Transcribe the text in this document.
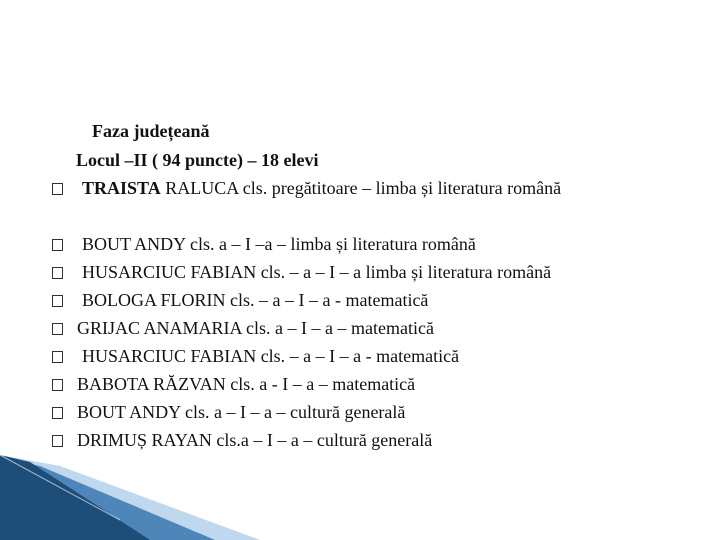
Faza județeană
Locul –II ( 94 puncte) – 18 elevi
TRAISTA RALUCA cls. pregătitoare – limba și literatura română
BOUT ANDY cls. a – I –a – limba și literatura română
HUSARCIUC FABIAN cls. – a – I – a limba și literatura română
BOLOGA FLORIN cls. – a – I – a - matematică
GRIJAC ANAMARIA cls. a – I – a – matematică
HUSARCIUC FABIAN cls. – a – I – a - matematică
BABOTA RĂZVAN cls. a - I – a – matematică
BOUT ANDY cls. a – I – a – cultură generală
DRIMUȘ RAYAN cls.a – I – a – cultură generală
